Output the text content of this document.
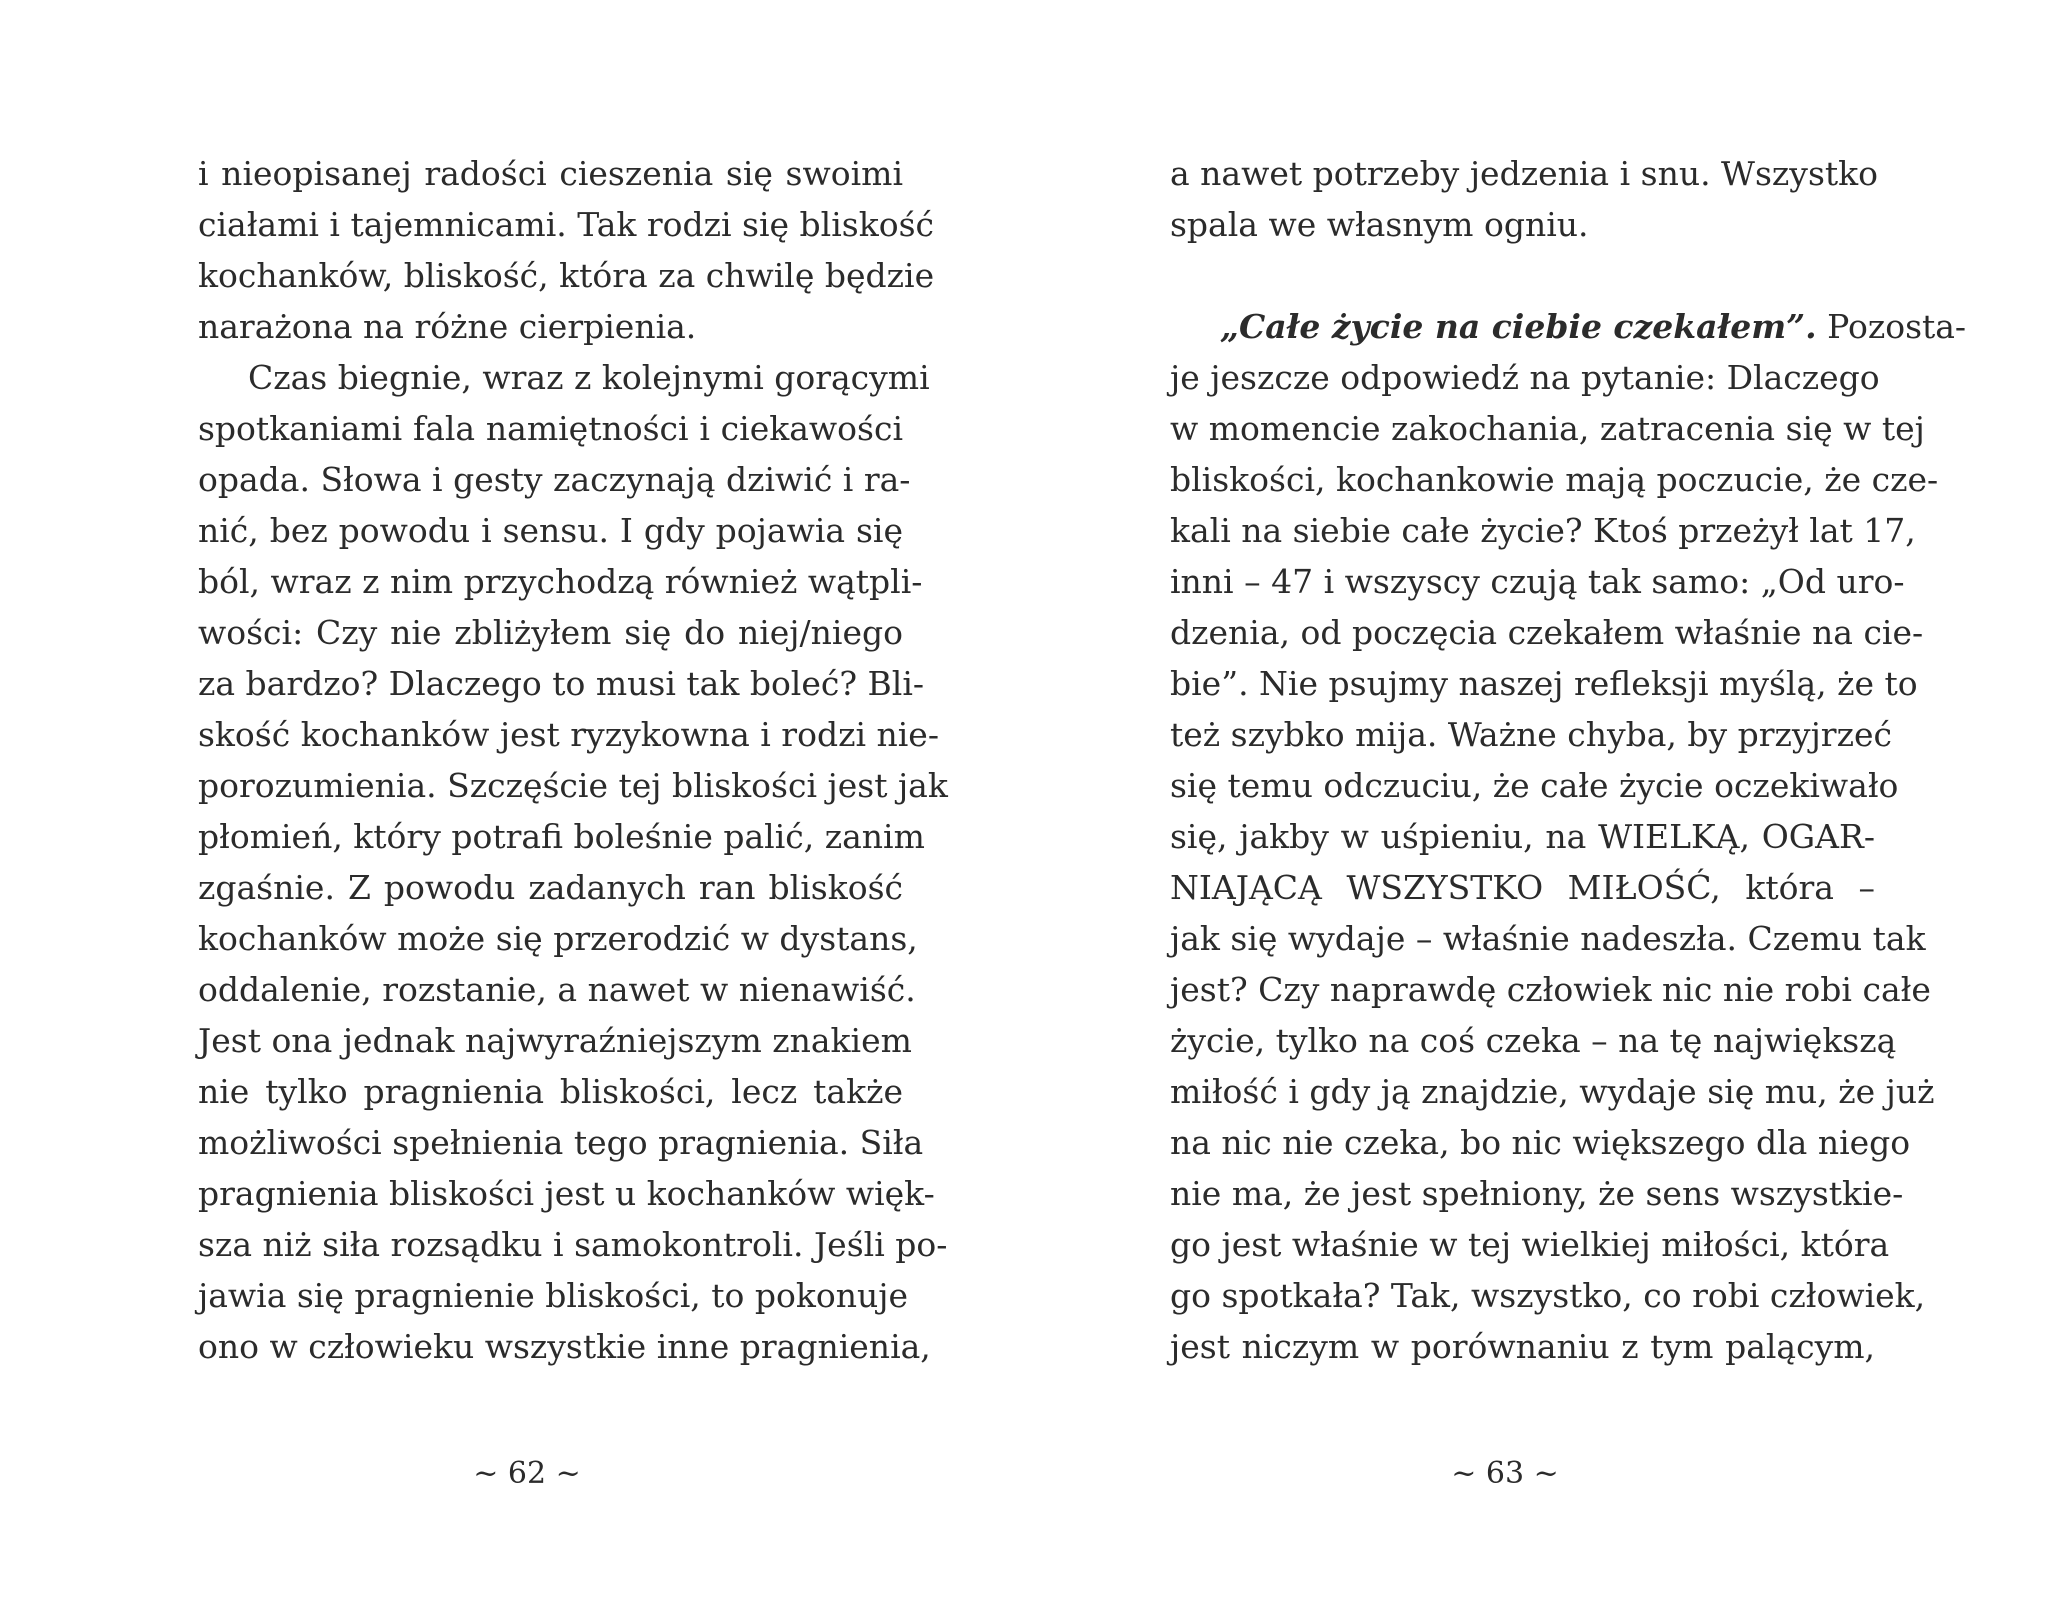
i nieopisanej radości cieszenia się swoimi
ciałami i tajemnicami. Tak rodzi się bliskość
kochanków, bliskość, która za chwilę będzie
narażona na różne cierpienia.
Czas biegnie, wraz z kolejnymi gorącymi
spotkaniami fala namiętności i ciekawości
opada. Słowa i gesty zaczynają dziwić i ra-
nić, bez powodu i sensu. I gdy pojawia się
ból, wraz z nim przychodzą również wątpli-
wości: Czy nie zbliżyłem się do niej/niego
za bardzo? Dlaczego to musi tak boleć? Bli-
skość kochanków jest ryzykowna i rodzi nie-
porozumienia. Szczęście tej bliskości jest jak
płomień, który potrafi boleśnie palić, zanim
zgaśnie. Z powodu zadanych ran bliskość
kochanków może się przerodzić w dystans,
oddalenie, rozstanie, a nawet w nienawiść.
Jest ona jednak najwyraźniejszym znakiem
nie tylko pragnienia bliskości, lecz także
możliwości spełnienia tego pragnienia. Siła
pragnienia bliskości jest u kochanków więk-
sza niż siła rozsądku i samokontroli. Jeśli po-
jawia się pragnienie bliskości, to pokonuje
ono w człowieku wszystkie inne pragnienia,
~ 62 ~
a nawet potrzeby jedzenia i snu. Wszystko
spala we własnym ogniu.
„Całe życie na ciebie czekałem”. Pozosta-
je jeszcze odpowiedź na pytanie: Dlaczego
w momencie zakochania, zatracenia się w tej
bliskości, kochankowie mają poczucie, że cze-
kali na siebie całe życie? Ktoś przeżył lat 17,
inni – 47 i wszyscy czują tak samo: „Od uro-
dzenia, od poczęcia czekałem właśnie na cie-
bie”. Nie psujmy naszej refleksji myślą, że to
też szybko mija. Ważne chyba, by przyjrzeć
się temu odczuciu, że całe życie oczekiwało
się, jakby w uśpieniu, na WIELKĄ, OGAR-
NIAJĄCĄ WSZYSTKO MIŁOŚĆ, która –
jak się wydaje – właśnie nadeszła. Czemu tak
jest? Czy naprawdę człowiek nic nie robi całe
życie, tylko na coś czeka – na tę największą
miłość i gdy ją znajdzie, wydaje się mu, że już
na nic nie czeka, bo nic większego dla niego
nie ma, że jest spełniony, że sens wszystkie-
go jest właśnie w tej wielkiej miłości, która
go spotkała? Tak, wszystko, co robi człowiek,
jest niczym w porównaniu z tym palącym,
~ 63 ~
